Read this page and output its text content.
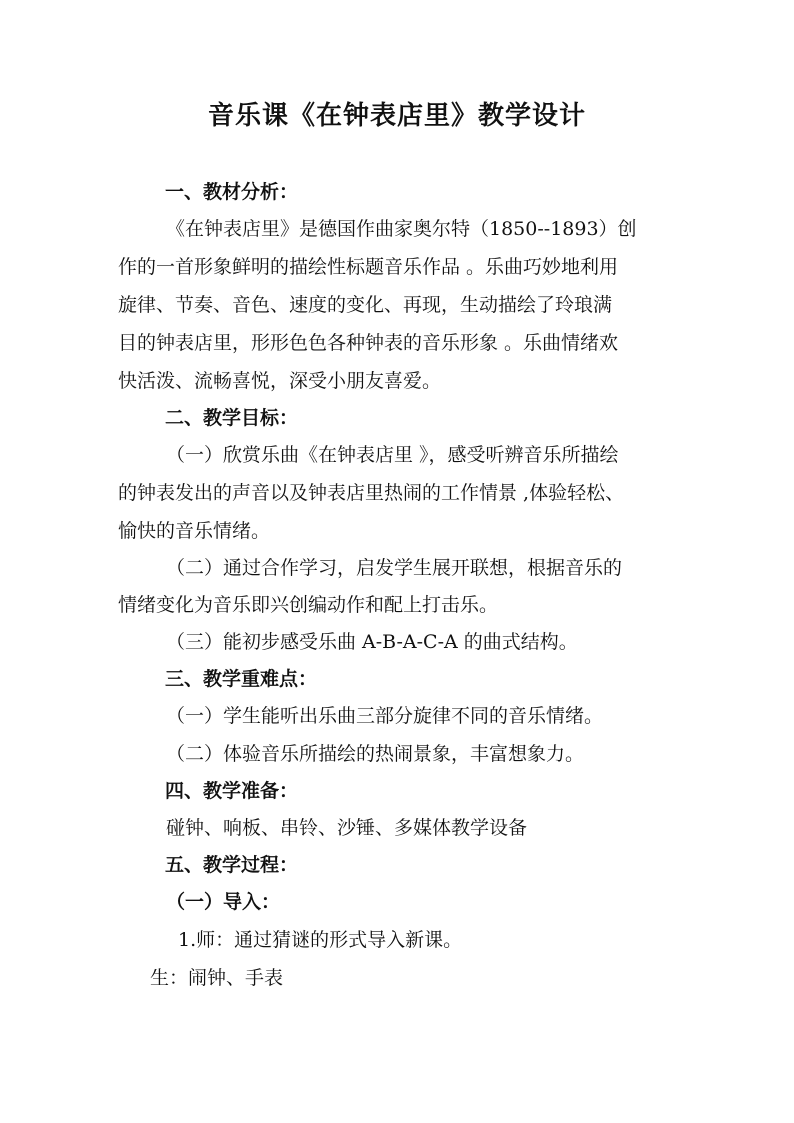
音乐课《在钟表店里》教学设计
一、教材分析：
《在钟表店里》是德国作曲家奥尔特（1850--1893）创
作的一首形象鲜明的描绘性标题音乐作品 。乐曲巧妙地利用
旋律、节奏、音色、速度的变化、再现，生动描绘了玲琅满
目的钟表店里，形形色色各种钟表的音乐形象 。乐曲情绪欢
快活泼、流畅喜悦，深受小朋友喜爱。
二、教学目标：
（一）欣赏乐曲《在钟表店里 》，感受听辨音乐所描绘
的钟表发出的声音以及钟表店里热闹的工作情景 ,体验轻松、
愉快的音乐情绪。
（二）通过合作学习，启发学生展开联想，根据音乐的
情绪变化为音乐即兴创编动作和配上打击乐。
（三）能初步感受乐曲 A-B-A-C-A 的曲式结构。
三、教学重难点：
（一）学生能听出乐曲三部分旋律不同的音乐情绪。
（二）体验音乐所描绘的热闹景象，丰富想象力。
四、教学准备：
碰钟、响板、串铃、沙锤、多媒体教学设备
五、教学过程：
（一）导入：
1.师：通过猜谜的形式导入新课。
生：闹钟、手表
